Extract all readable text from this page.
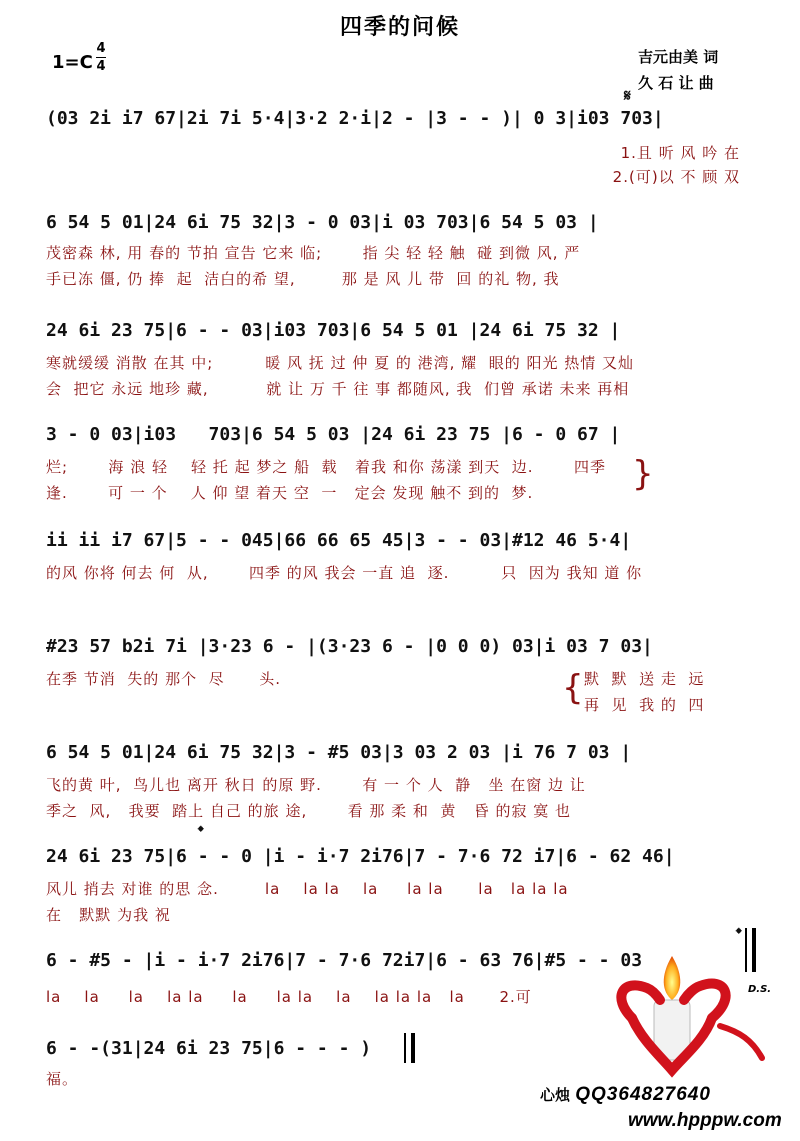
四季的问候
1=C
4
4
吉元由美 词
久 石 让 曲
𝄋
(03 2i i7 67|2i 7i 5·4|3·2 2·i|2 - |3 - - )| 0 3|i03 703|
1.且 听 风 吟 在
2.(可)以 不 顾 双
6 54 5 01|24 6i 75 32|3 - 0 03|i 03 703|6 54 5 03 |
茂密森 林, 用 春的 节拍 宣告 它来 临;       指 尖 轻 轻 触  碰 到微 风, 严
手已冻 僵, 仍 捧  起  洁白的希 望,        那 是 风 儿 带  回 的礼 物, 我
24 6i 23 75|6 - - 03|i03 703|6 54 5 01 |24 6i 75 32 |
寒就缓缓 消散 在其 中;         暖 风 抚 过 仲 夏 的 港湾, 耀  眼的 阳光 热情 又灿
会  把它 永远 地珍 藏,          就 让 万 千 往 事 都随风, 我  们曾 承诺 未来 再相
3 - 0 03|i03   703|6 54 5 03 |24 6i 23 75 |6 - 0 67 |
烂;       海 浪 轻    轻 托 起 梦之 船  载   着我 和你 荡漾 到天  边.       四季
逢.       可 一 个    人 仰 望 着天 空  一   定会 发现 触不 到的  梦.	}
ii ii i7 67|5 - - 045|66 66 65 45|3 - - 03|#12 46 5·4|
的风 你将 何去 何  从,       四季 的风 我会 一直 追  逐.         只  因为 我知 道 你
#23 57 b2i 7i |3·23 6 - |(3·23 6 - |0 0 0) 03|i 03 7 03|
在季 节消  失的 那个  尽      头.	{ 默  默  送 走  远
再  见  我 的  四
6 54 5 01|24 6i 75 32|3 - #5 03|3 03 2 03 |i 76 7 03 |
飞的黄 叶,  鸟儿也 离开 秋日 的原 野.       有 一 个 人  静   坐 在窗 边 让
季之  风,   我要  踏上 自己 的旅 途,       看 那 柔 和  黄   昏 的寂 寞 也
𝄌
24 6i 23 75|6 - - 0 |i - i·7 2i76|7 - 7·6 72 i7|6 - 62 46|
风儿 捎去 对谁 的思 念.        la    la la    la     la la      la   la la la
在   默默 为我 祝
6 - #5 - |i - i·7 2i76|7 - 7·6 72i7|6 - 63 76|#5 - - 03
la    la     la    la la     la     la la    la    la la la   la      2.可
𝄌
D.S.
6 - -(31|24 6i 23 75|6 - - - )
福。
心烛 QQ364827640
www.hpppw.com
